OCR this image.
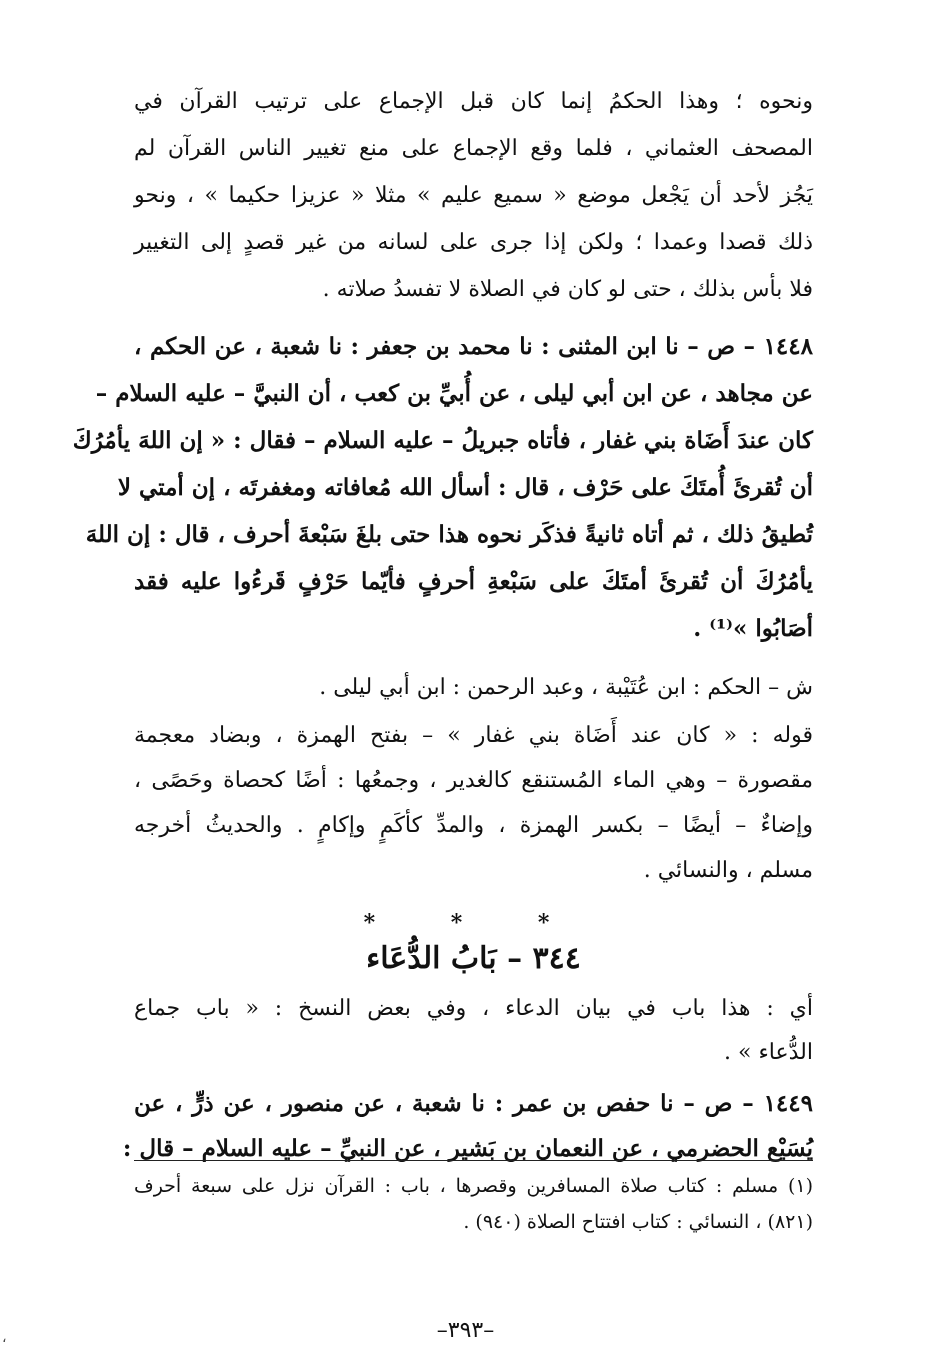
ونحوه ؛ وهذا الحكمُ إنما كان قبل الإجماع على ترتيب القرآن في
المصحف العثماني ، فلما وقع الإجماع على منع تغيير الناس القرآن لم
يَجُز لأحد أن يَجْعل موضع « سميع عليم » مثلا « عزيزا حكيما » ، ونحو
ذلك قصدا وعمدا ؛ ولكن إذا جرى على لسانه من غير قصدٍ إلى التغيير
فلا بأس بذلك ، حتى لو كان في الصلاة لا تفسدُ صلاته .

١٤٤٨ – ص – نا ابن المثنى : نا محمد بن جعفر : نا شعبة ، عن الحكم ،
عن مجاهد ، عن ابن أبي ليلى ، عن أُبيِّ بن كعب ، أن النبيَّ – عليه السلام –
كان عندَ أَضَاة بني غفار ، فأتاه جبريلُ – عليه السلام – فقال : « إن اللهَ يأمُرُكَ
أن تُقرئَ أُمتَكَ على حَرْف ، قال : أسأل الله مُعافاته ومغفرتَه ، إن أمتي لا
تُطيقُ ذلك ، ثم أتاه ثانيةً فذكَر نحوه هذا حتى بلغَ سَبْعةَ أحرف ، قال : إن اللهَ
يأمُرُكَ أن تُقرئَ أمتَكَ على سَبْعةِ أحرفٍ فأيّما حَرْفٍ قَرءُوا عليه فقد
أصَابُوا »⁽¹⁾ .

ش – الحكم : ابن عُتَيْبة ، وعبد الرحمن : ابن أبي ليلى .

قوله : « كان عند أَضَاة بني غفار » – بفتح الهمزة ، وبضاد معجمة
مقصورة – وهي الماء المُستنقع كالغدير ، وجمعُها : أضًا كحصاة وحَصًى ،
وإضاءٌ – أيضًا – بكسر الهمزة ، والمدِّ كأكَمٍ وإكامٍ . والحديثُ أخرجه
مسلم ، والنسائي .

* * *
٣٤٤ – بَابُ الدُّعَاء

أي : هذا باب في بيان الدعاء ، وفي بعض النسخ : « باب جماع
الدُّعاء » .

١٤٤٩ – ص – نا حفص بن عمر : نا شعبة ، عن منصور ، عن ذرٍّ ، عن
يُسَيْع الحضرمي ، عن النعمان بن بَشير ، عن النبيِّ – عليه السلام – قال :

(١) مسلم : كتاب صلاة المسافرين وقصرها ، باب : القرآن نزل على سبعة أحرف
(٨٢١) ، النسائي : كتاب افتتاح الصلاة (٩٤٠) .
–٣٩٣–
،
